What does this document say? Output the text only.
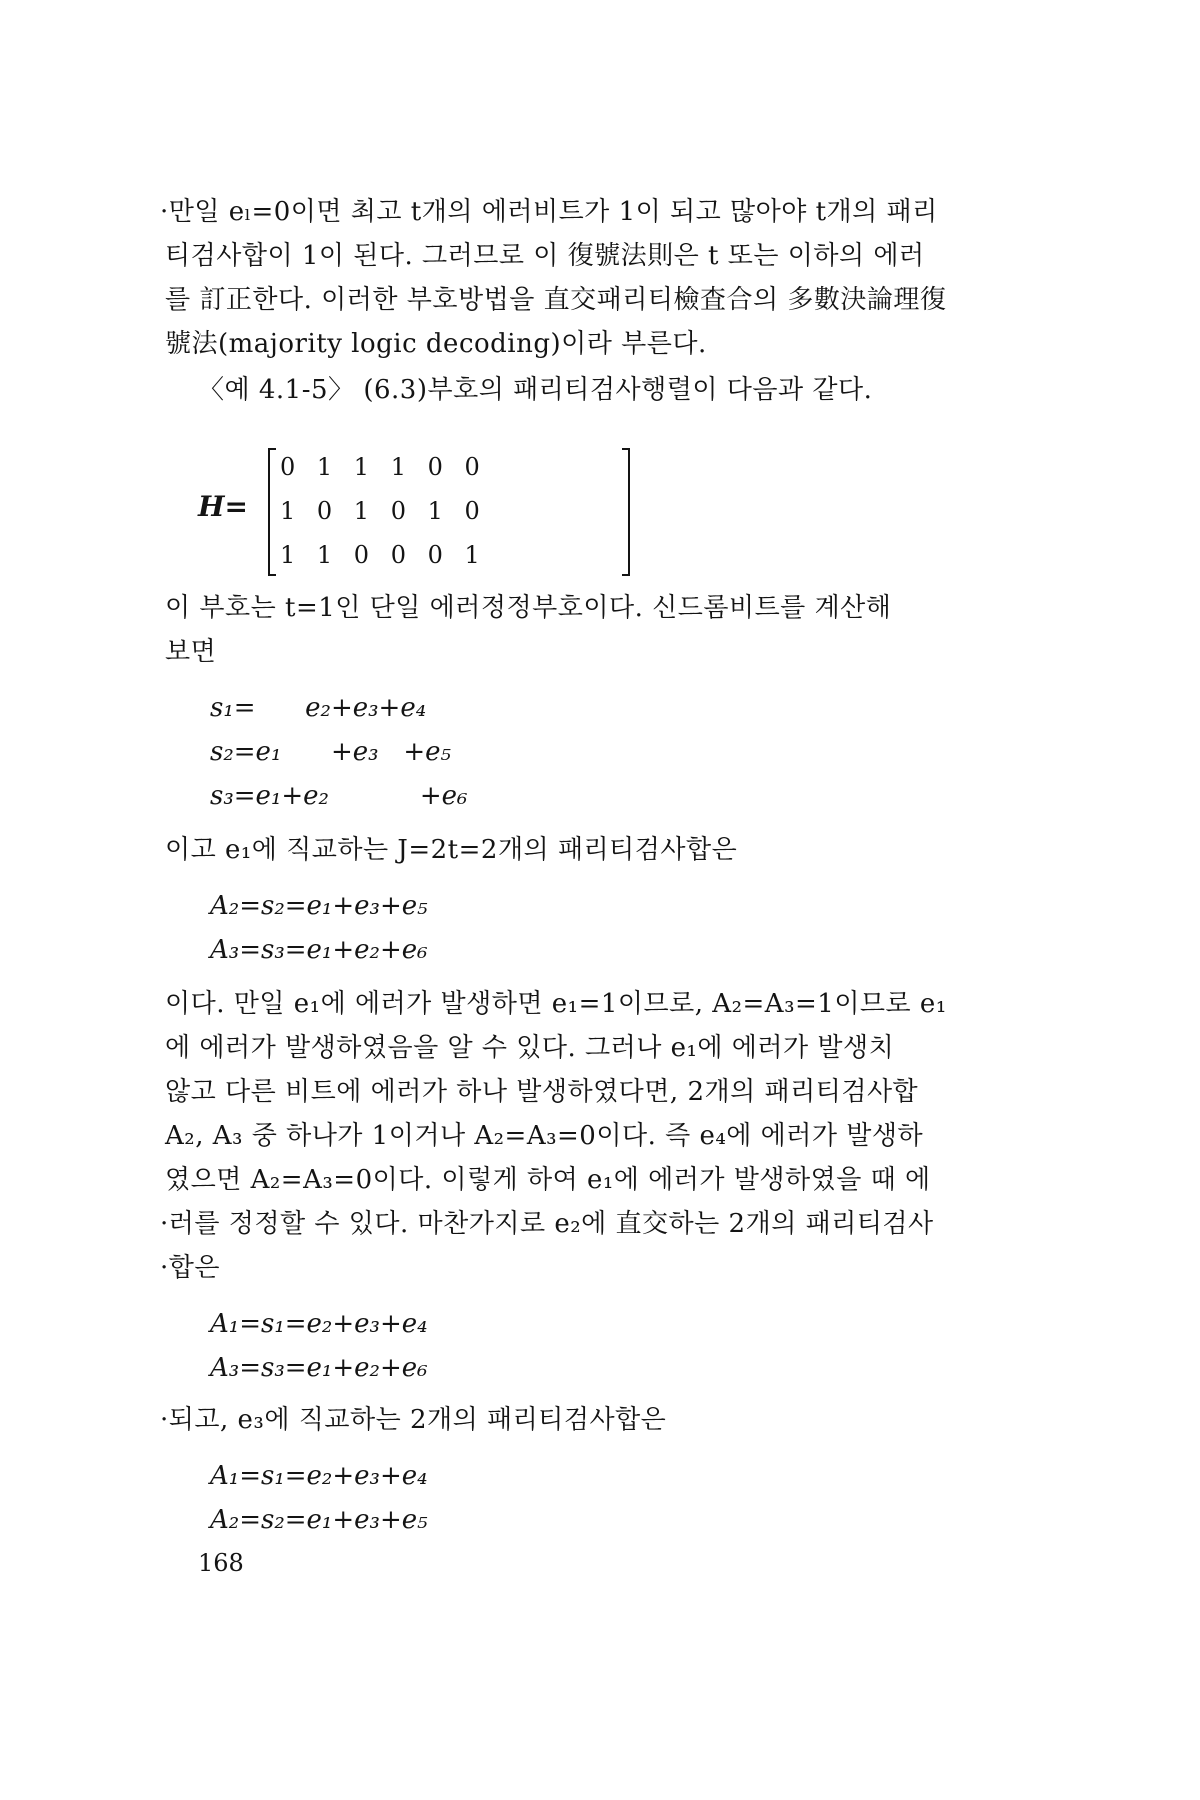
·만일 eₗ=0이면 최고 t개의 에러비트가 1이 되고 많아야 t개의 패리
티검사합이 1이 된다. 그러므로 이 復號法則은 t 또는 이하의 에러
를 訂正한다. 이러한 부호방법을 直交패리티檢査合의 多數決論理復
號法(majority logic decoding)이라 부른다.
〈예 4.1-5〉 (6.3)부호의 패리티검사행렬이 다음과 같다.
H=
0 1 1 1 0 0
1 0 1 0 1 0
1 1 0 0 0 1
이 부호는 t=1인 단일 에러정정부호이다. 신드롬비트를 계산해
보면
s₁=      e₂+e₃+e₄
s₂=e₁      +e₃   +e₅
s₃=e₁+e₂           +e₆
이고 e₁에 직교하는 J=2t=2개의 패리티검사합은
A₂=s₂=e₁+e₃+e₅
A₃=s₃=e₁+e₂+e₆
이다. 만일 e₁에 에러가 발생하면 e₁=1이므로, A₂=A₃=1이므로 e₁
에 에러가 발생하였음을 알 수 있다. 그러나 e₁에 에러가 발생치
않고 다른 비트에 에러가 하나 발생하였다면, 2개의 패리티검사합
A₂, A₃ 중 하나가 1이거나 A₂=A₃=0이다. 즉 e₄에 에러가 발생하
였으면 A₂=A₃=0이다. 이렇게 하여 e₁에 에러가 발생하였을 때 에
·러를 정정할 수 있다. 마찬가지로 e₂에 直交하는 2개의 패리티검사
·합은
A₁=s₁=e₂+e₃+e₄
A₃=s₃=e₁+e₂+e₆
·되고, e₃에 직교하는 2개의 패리티검사합은
A₁=s₁=e₂+e₃+e₄
A₂=s₂=e₁+e₃+e₅
168
